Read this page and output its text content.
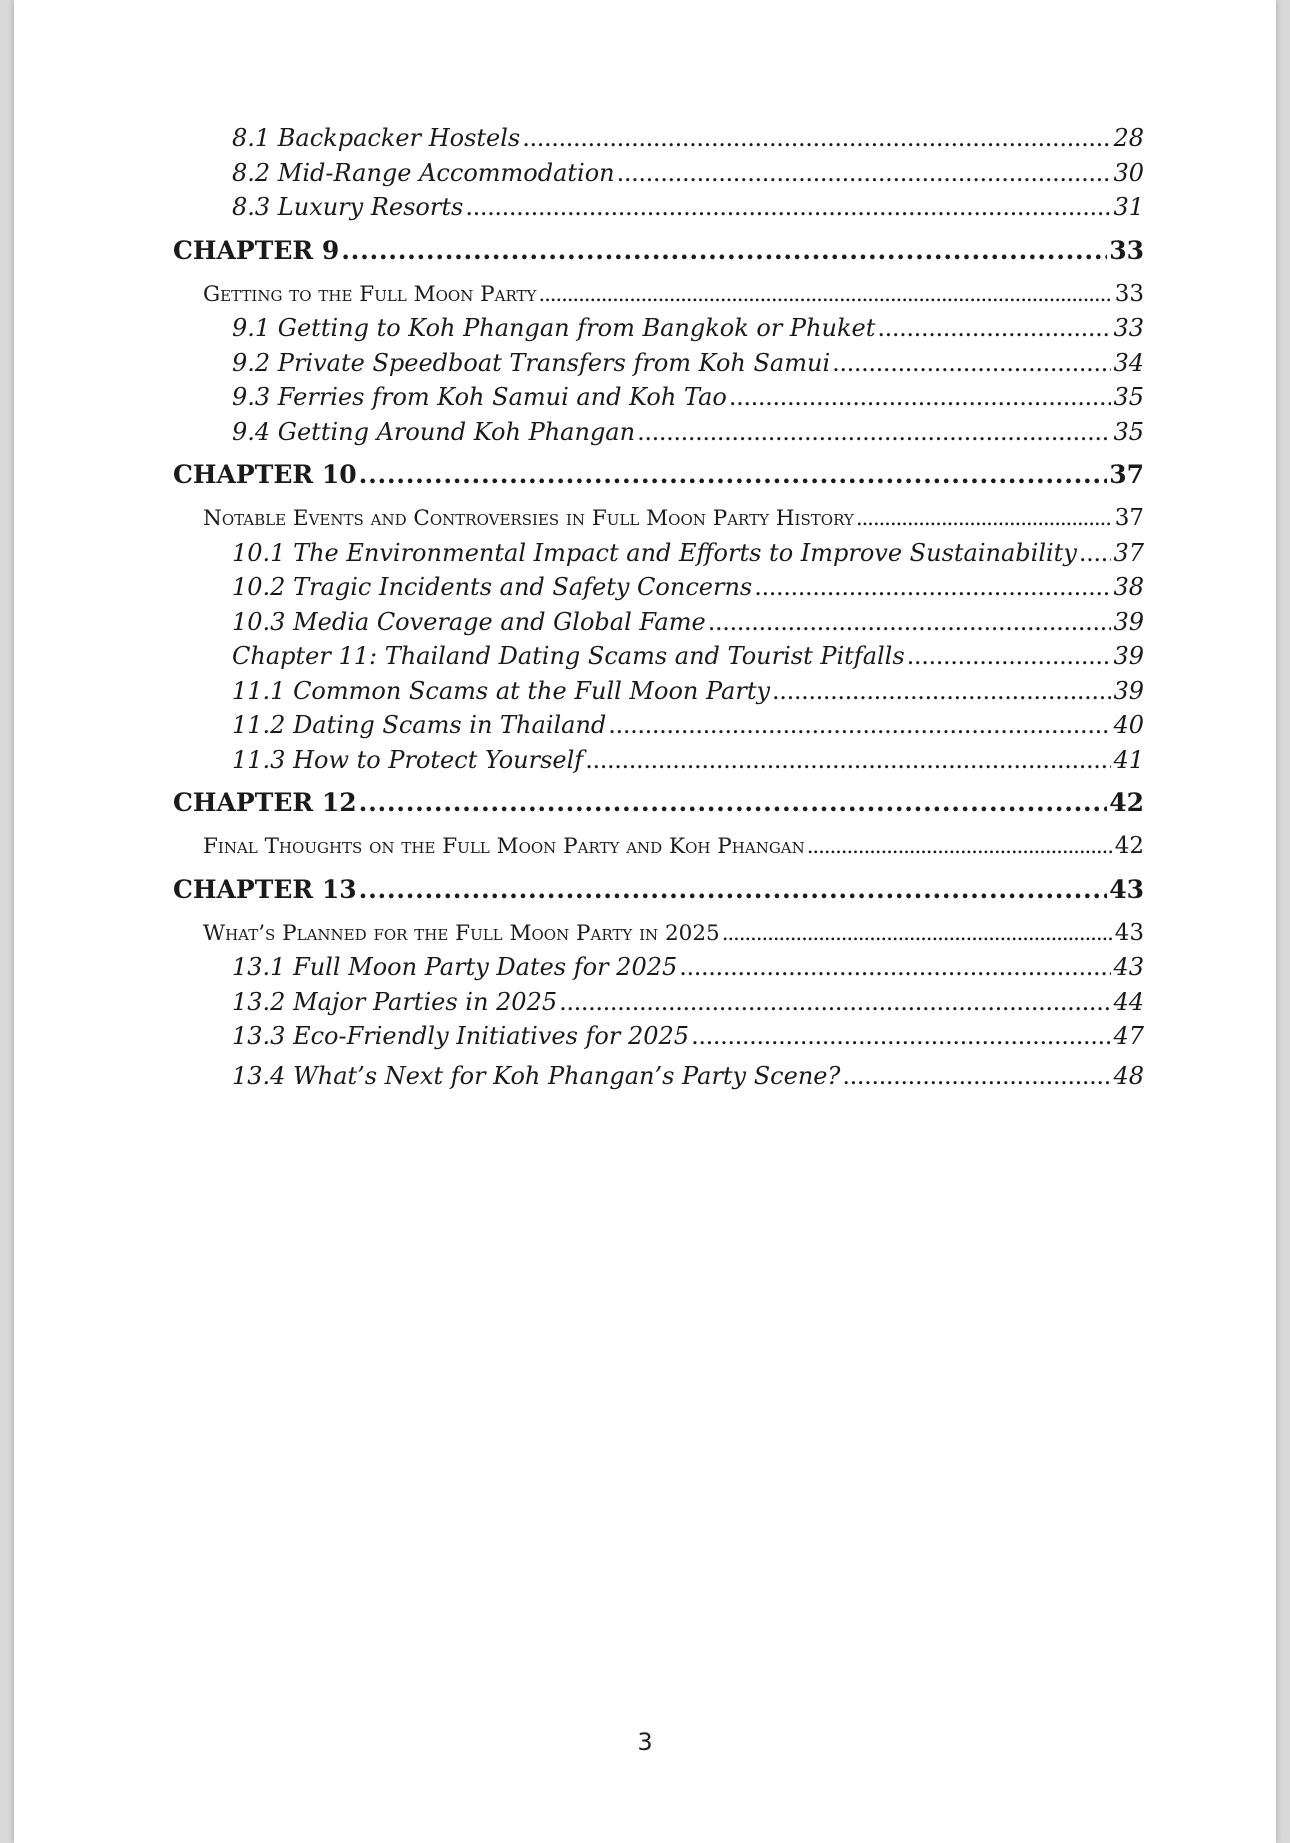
8.1 Backpacker Hostels . . .	28
8.2 Mid-Range Accommodation . . .	30
8.3 Luxury Resorts . . .	31
CHAPTER 9 . . .	33
Getting to the Full Moon Party . . .	33
9.1 Getting to Koh Phangan from Bangkok or Phuket . . .	33
9.2 Private Speedboat Transfers from Koh Samui . . .	34
9.3 Ferries from Koh Samui and Koh Tao . . .	35
9.4 Getting Around Koh Phangan . . .	35
CHAPTER 10 . . .	37
Notable Events and Controversies in Full Moon Party History . . .	37
10.1 The Environmental Impact and Efforts to Improve Sustainability . . . 37
10.2 Tragic Incidents and Safety Concerns . . .	38
10.3 Media Coverage and Global Fame . . .	39
Chapter 11: Thailand Dating Scams and Tourist Pitfalls . . .	39
11.1 Common Scams at the Full Moon Party . . .	39
11.2 Dating Scams in Thailand . . .	40
11.3 How to Protect Yourself . . .	41
CHAPTER 12 . . .	42
Final Thoughts on the Full Moon Party and Koh Phangan . . .	42
CHAPTER 13 . . .	43
What’s Planned for the Full Moon Party in 2025 . . .	43
13.1 Full Moon Party Dates for 2025 . . .	43
13.2 Major Parties in 2025 . . .	44
13.3 Eco-Friendly Initiatives for 2025 . . .	47
13.4 What’s Next for Koh Phangan’s Party Scene? . . .	48
3
